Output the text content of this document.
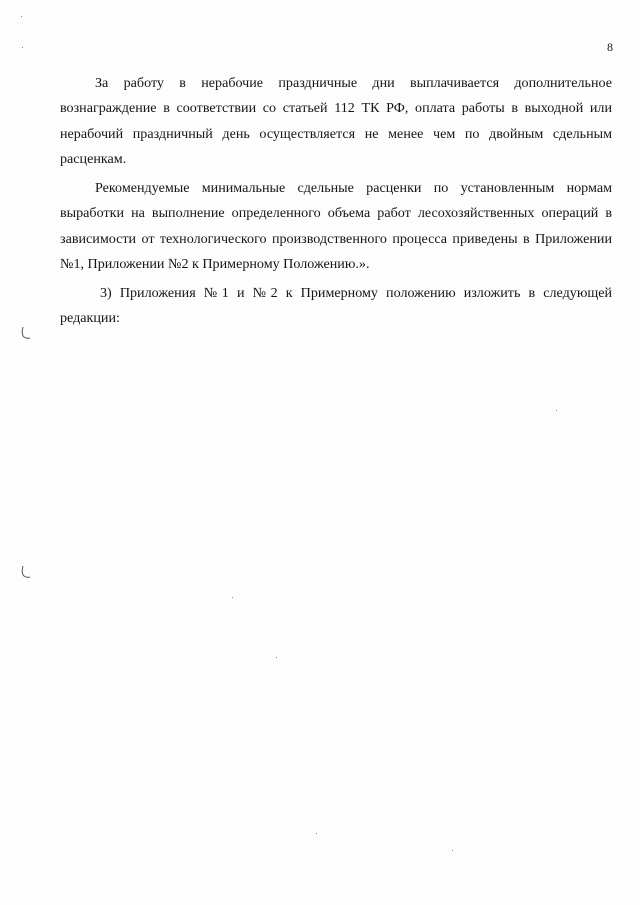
8

За работу в нерабочие праздничные дни выплачивается дополнительное вознаграждение в соответствии со статьей 112 ТК РФ, оплата работы в выходной или нерабочий праздничный день осуществляется не менее чем по двойным сдельным расценкам.

Рекомендуемые минимальные сдельные расценки по установленным нормам выработки на выполнение определенного объема работ лесохозяйственных операций в зависимости от технологического производственного процесса приведены в Приложении №1, Приложении №2 к Примерному Положению.».

3) Приложения №1 и №2 к Примерному положению изложить в следующей редакции:
